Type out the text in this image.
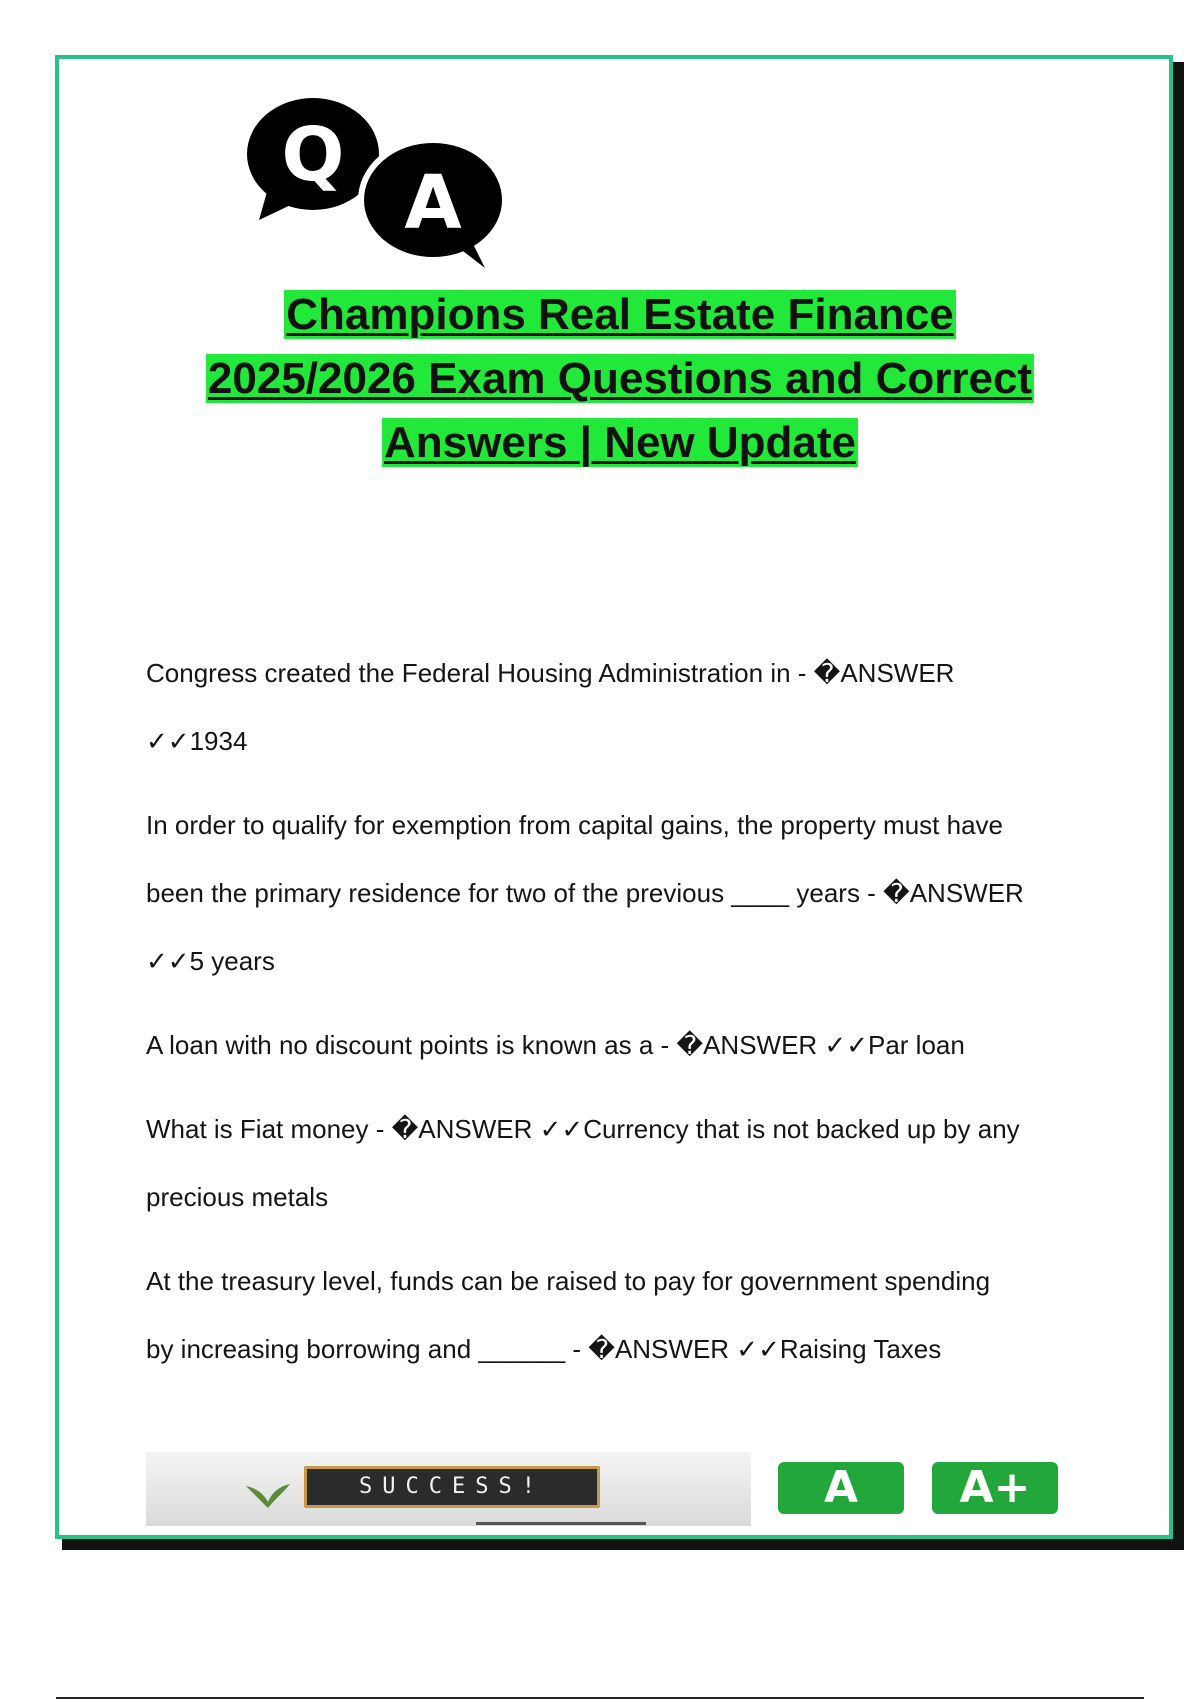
Q
A
Champions Real Estate Finance
2025/2026 Exam Questions and Correct
Answers | New Update

Congress created the Federal Housing Administration in - �ANSWER

✓✓1934

In order to qualify for exemption from capital gains, the property must have

been the primary residence for two of the previous ____ years - �ANSWER

✓✓5 years

A loan with no discount points is known as a - �ANSWER ✓✓Par loan

What is Fiat money - �ANSWER ✓✓Currency that is not backed up by any

precious metals

At the treasury level, funds can be raised to pay for government spending

by increasing borrowing and ______ - �ANSWER ✓✓Raising Taxes

SUCCESS!	A	A+
